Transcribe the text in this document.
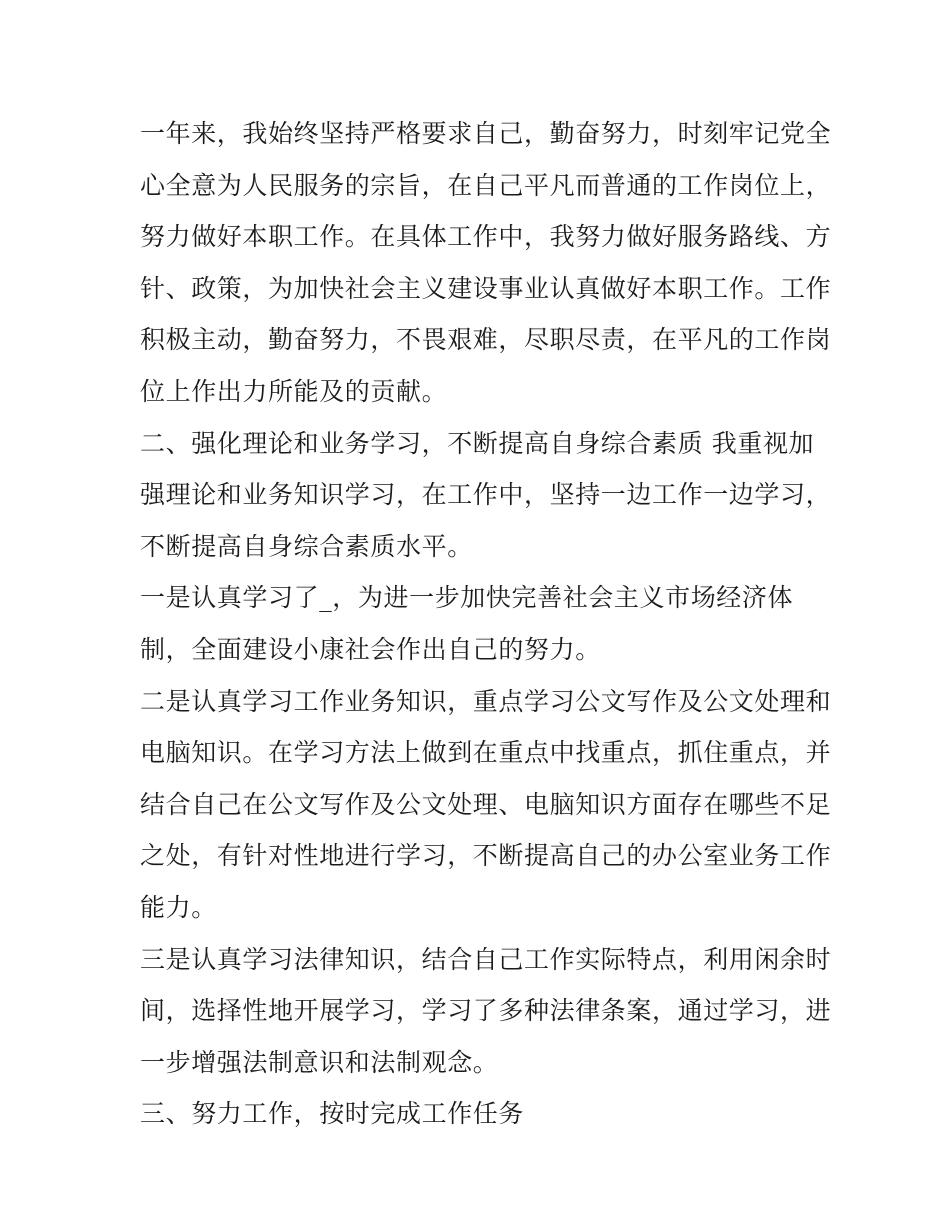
一年来，我始终坚持严格要求自己，勤奋努力，时刻牢记党全
心全意为人民服务的宗旨，在自己平凡而普通的工作岗位上，
努力做好本职工作。在具体工作中，我努力做好服务路线、方
针、政策，为加快社会主义建设事业认真做好本职工作。工作
积极主动，勤奋努力，不畏艰难，尽职尽责，在平凡的工作岗
位上作出力所能及的贡献。
二、强化理论和业务学习，不断提高自身综合素质 我重视加
强理论和业务知识学习，在工作中，坚持一边工作一边学习，
不断提高自身综合素质水平。
一是认真学习了_，为进一步加快完善社会主义市场经济体
制，全面建设小康社会作出自己的努力。
二是认真学习工作业务知识，重点学习公文写作及公文处理和
电脑知识。在学习方法上做到在重点中找重点，抓住重点，并
结合自己在公文写作及公文处理、电脑知识方面存在哪些不足
之处，有针对性地进行学习，不断提高自己的办公室业务工作
能力。
三是认真学习法律知识，结合自己工作实际特点，利用闲余时
间，选择性地开展学习，学习了多种法律条案，通过学习，进
一步增强法制意识和法制观念。
三、努力工作，按时完成工作任务
